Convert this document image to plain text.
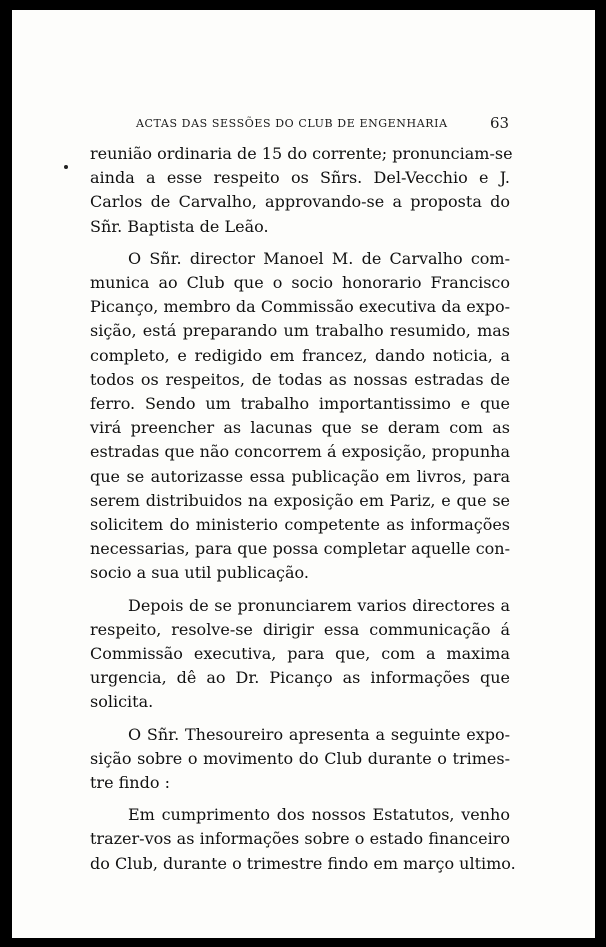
ACTAS DAS SESSÕES DO CLUB DE ENGENHARIA	63

reunião ordinaria de 15 do corrente; pronunciam-se
ainda a esse respeito os Sñrs. Del-Vecchio e J.
Carlos de Carvalho, approvando-se a proposta do
Sñr. Baptista de Leão.

O Sñr. director Manoel M. de Carvalho com-
munica ao Club que o socio honorario Francisco
Picanço, membro da Commissão executiva da expo-
sição, está preparando um trabalho resumido, mas
completo, e redigido em francez, dando noticia, a
todos os respeitos, de todas as nossas estradas de
ferro. Sendo um trabalho importantissimo e que
virá preencher as lacunas que se deram com as
estradas que não concorrem á exposição, propunha
que se autorizasse essa publicação em livros, para
serem distribuidos na exposição em Pariz, e que se
solicitem do ministerio competente as informações
necessarias, para que possa completar aquelle con-
socio a sua util publicação.

Depois de se pronunciarem varios directores a
respeito, resolve-se dirigir essa communicação á
Commissão executiva, para que, com a maxima
urgencia, dê ao Dr. Picanço as informações que
solicita.

O Sñr. Thesoureiro apresenta a seguinte expo-
sição sobre o movimento do Club durante o trimes-
tre findo :

Em cumprimento dos nossos Estatutos, venho
trazer-vos as informações sobre o estado financeiro
do Club, durante o trimestre findo em março ultimo.
